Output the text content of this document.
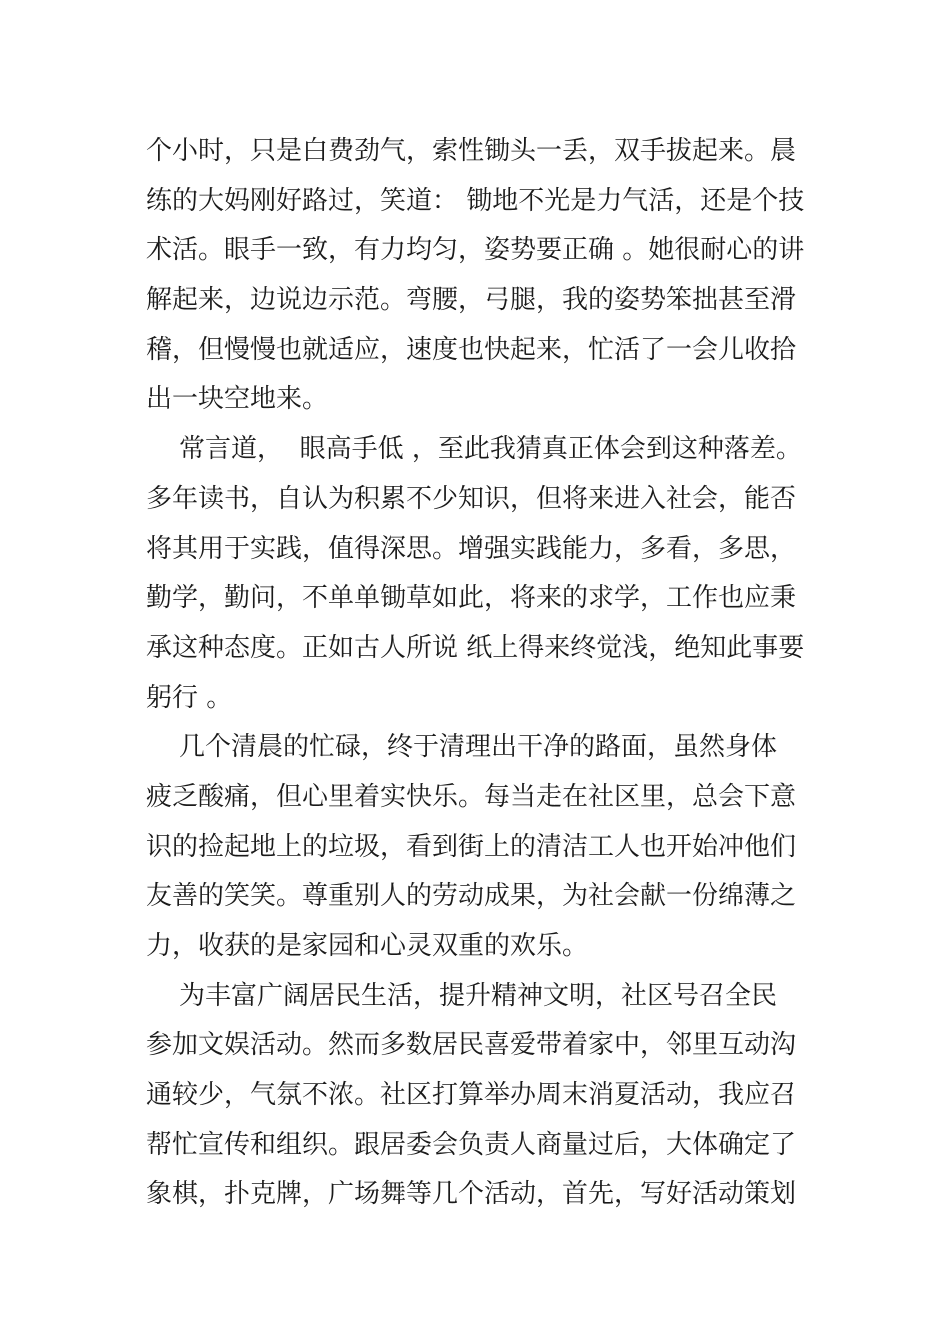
个小时，只是白费劲气，索性锄头一丢，双手拔起来。晨
练的大妈刚好路过，笑道： 锄地不光是力气活，还是个技
术活。眼手一致，有力均匀，姿势要正确 。她很耐心的讲
解起来，边说边示范。弯腰，弓腿，我的姿势笨拙甚至滑
稽，但慢慢也就适应，速度也快起来，忙活了一会儿收拾
出一块空地来。
常言道，  眼高手低 ，至此我猜真正体会到这种落差。
多年读书，自认为积累不少知识，但将来进入社会，能否
将其用于实践，值得深思。增强实践能力，多看，多思，
勤学，勤问，不单单锄草如此，将来的求学，工作也应秉
承这种态度。正如古人所说 纸上得来终觉浅，绝知此事要
躬行 。
几个清晨的忙碌，终于清理出干净的路面，虽然身体
疲乏酸痛，但心里着实快乐。每当走在社区里，总会下意
识的捡起地上的垃圾，看到街上的清洁工人也开始冲他们
友善的笑笑。尊重别人的劳动成果，为社会献一份绵薄之
力，收获的是家园和心灵双重的欢乐。
为丰富广阔居民生活，提升精神文明，社区号召全民
参加文娱活动。然而多数居民喜爱带着家中，邻里互动沟
通较少，气氛不浓。社区打算举办周末消夏活动，我应召
帮忙宣传和组织。跟居委会负责人商量过后，大体确定了
象棋，扑克牌，广场舞等几个活动，首先，写好活动策划
